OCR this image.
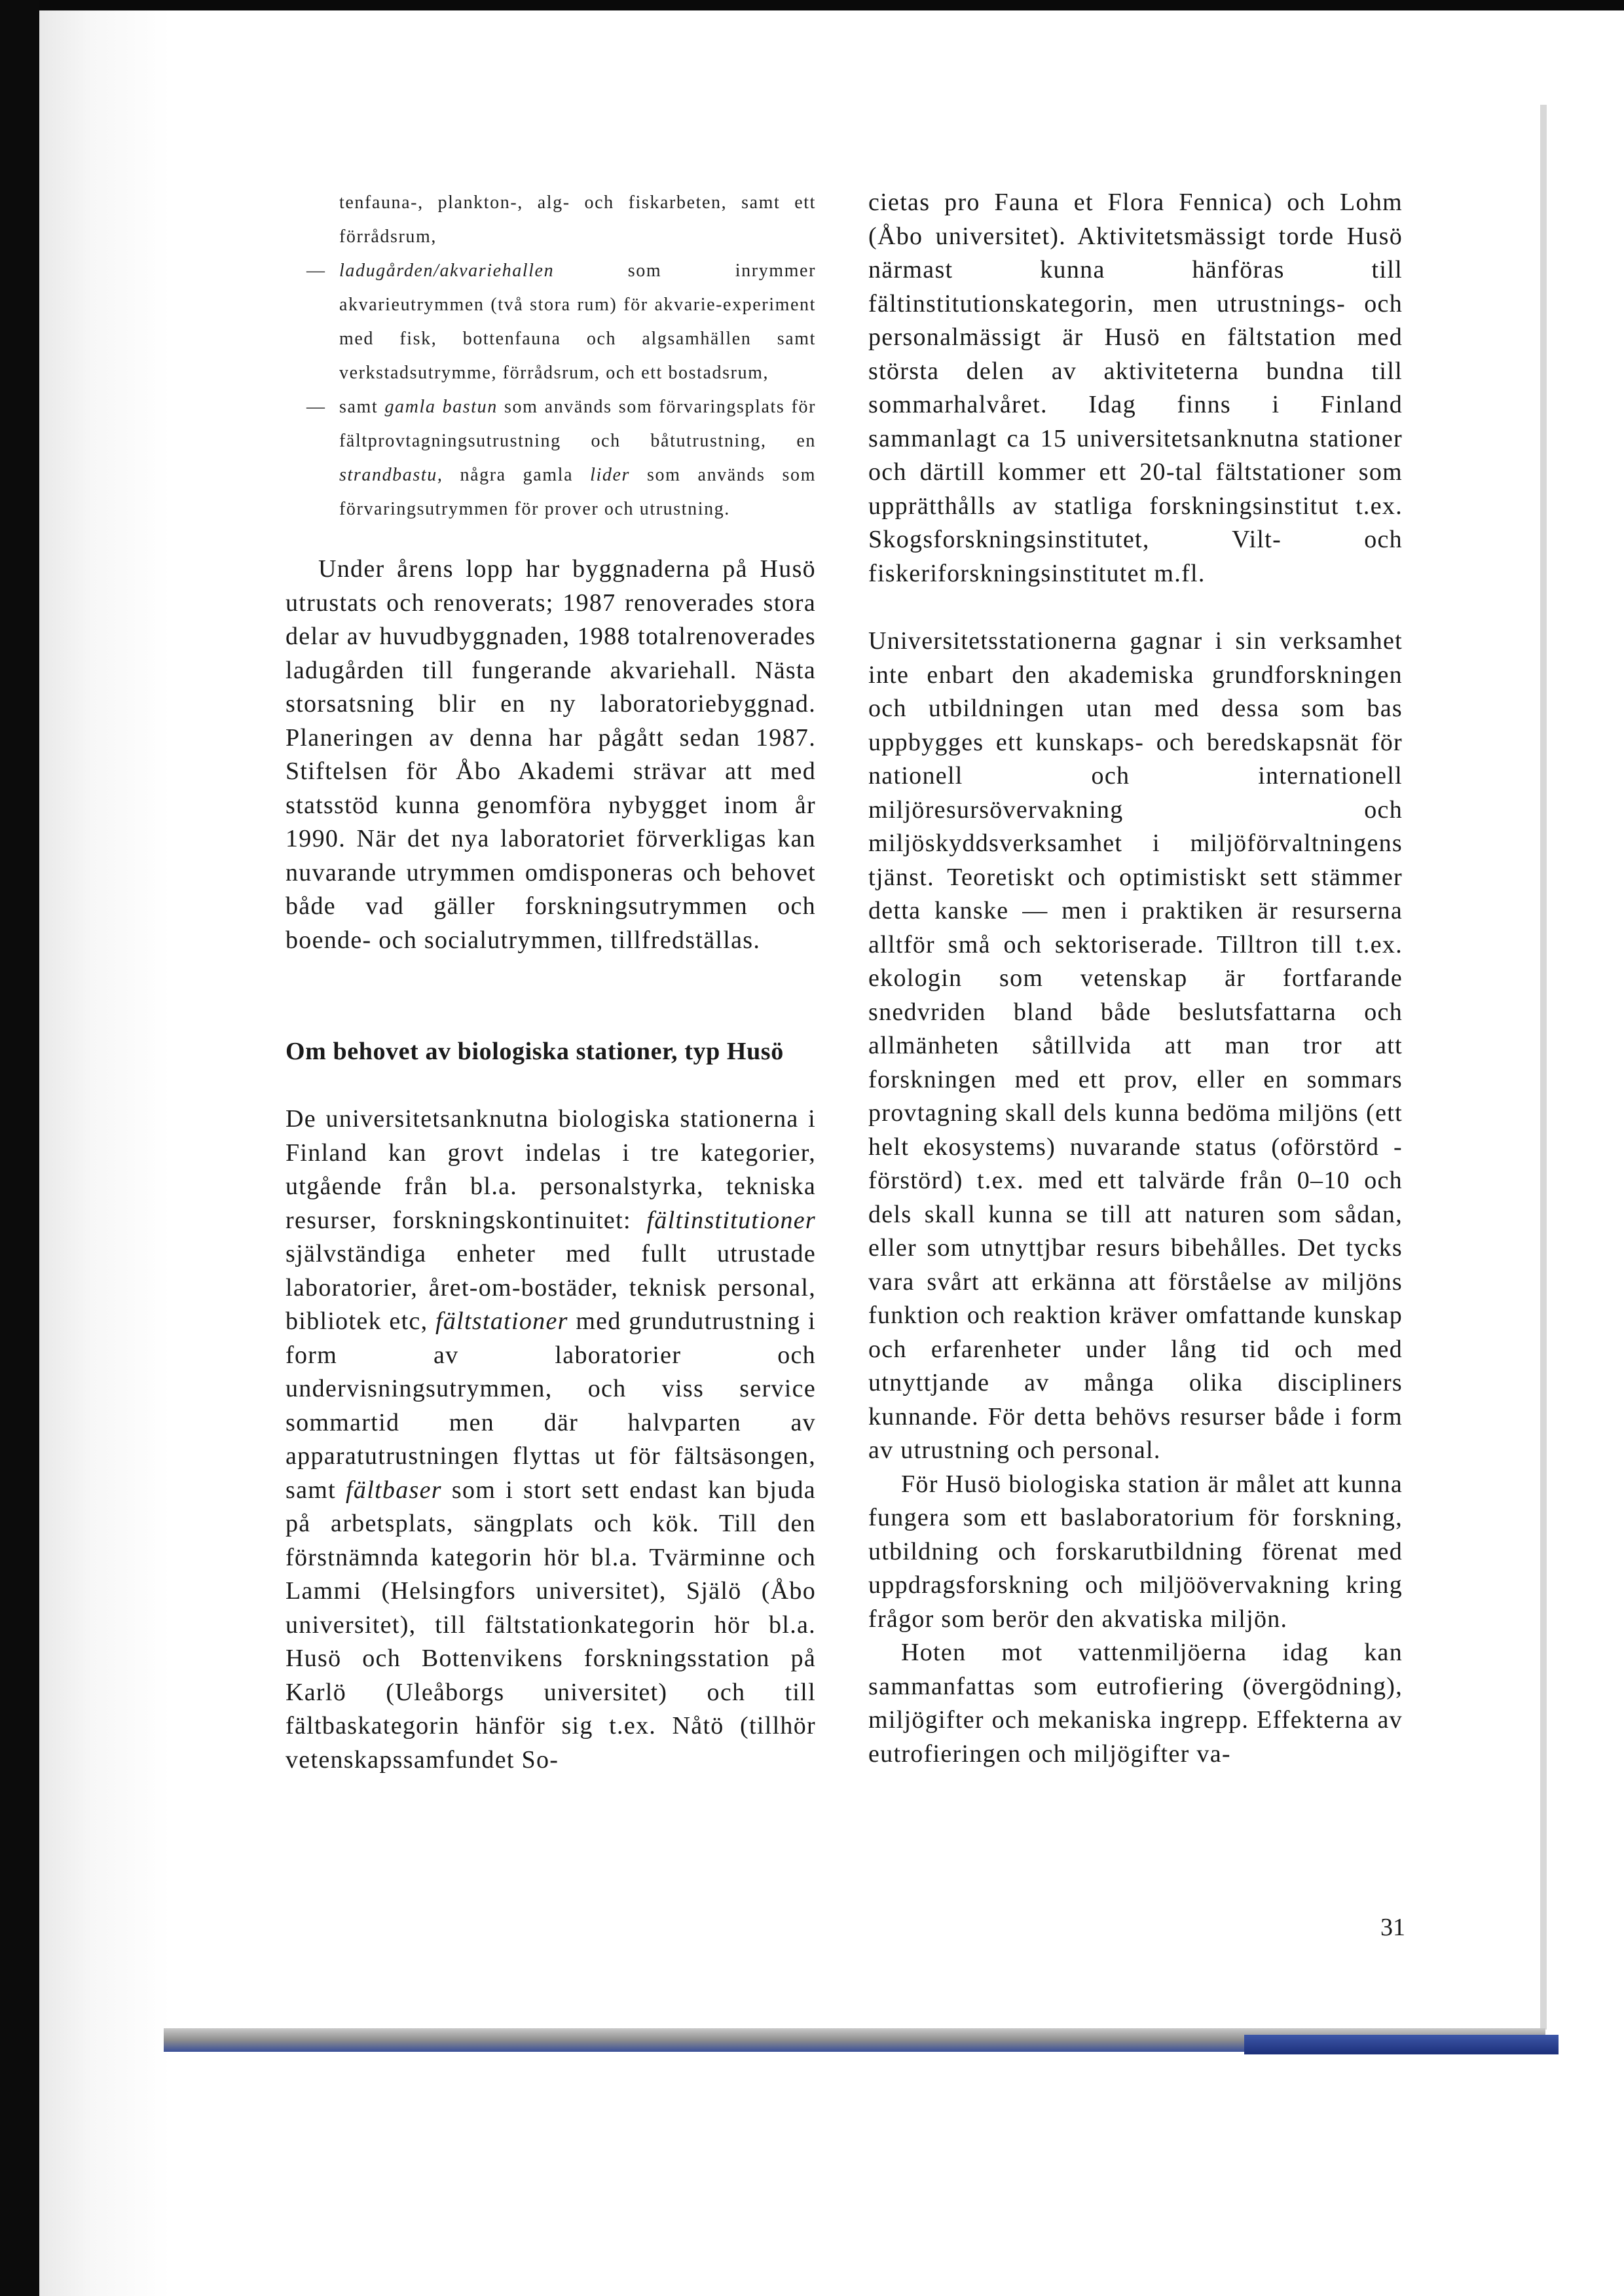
tenfauna-, plankton-, alg- och fiskarbeten, samt ett förrådsrum,
— ladugården/akvariehallen som inrymmer akvarieutrymmen (två stora rum) för akvarie-experiment med fisk, bottenfauna och algsamhällen samt verkstadsutrymme, förrådsrum, och ett bostadsrum,
— samt gamla bastun som används som förvaringsplats för fältprovtagningsutrustning och båtutrustning, en strandbastu, några gamla lider som används som förvaringsutrymmen för prover och utrustning.

Under årens lopp har byggnaderna på Husö utrustats och renoverats; 1987 renoverades stora delar av huvudbyggnaden, 1988 totalrenoverades ladugården till fungerande akvariehall. Nästa storsatsning blir en ny laboratoriebyggnad. Planeringen av denna har pågått sedan 1987. Stiftelsen för Åbo Akademi strävar att med statsstöd kunna genomföra nybygget inom år 1990. När det nya laboratoriet förverkligas kan nuvarande utrymmen omdisponeras och behovet både vad gäller forskningsutrymmen och boende- och socialutrymmen, tillfredställas.

Om behovet av biologiska stationer, typ Husö

De universitetsanknutna biologiska stationerna i Finland kan grovt indelas i tre kategorier, utgående från bl.a. personalstyrka, tekniska resurser, forskningskontinuitet: fältinstitutioner självständiga enheter med fullt utrustade laboratorier, året-om-bostäder, teknisk personal, bibliotek etc, fältstationer med grundutrustning i form av laboratorier och undervisningsutrymmen, och viss service sommartid men där halvparten av apparatutrustningen flyttas ut för fältsäsongen, samt fältbaser som i stort sett endast kan bjuda på arbetsplats, sängplats och kök. Till den förstnämnda kategorin hör bl.a. Tvärminne och Lammi (Helsingfors universitet), Själö (Åbo universitet), till fältstationkategorin hör bl.a. Husö och Bottenvikens forskningsstation på Karlö (Uleåborgs universitet) och till fältbaskategorin hänför sig t.ex. Nåtö (tillhör vetenskapssamfundet So-

cietas pro Fauna et Flora Fennica) och Lohm (Åbo universitet). Aktivitetsmässigt torde Husö närmast kunna hänföras till fältinstitutionskategorin, men utrustnings- och personalmässigt är Husö en fältstation med största delen av aktiviteterna bundna till sommarhalvåret. Idag finns i Finland sammanlagt ca 15 universitetsanknutna stationer och därtill kommer ett 20-tal fältstationer som upprätthålls av statliga forskningsinstitut t.ex. Skogsforskningsinstitutet, Vilt- och fiskeriforskningsinstitutet m.fl.

Universitetsstationerna gagnar i sin verksamhet inte enbart den akademiska grundforskningen och utbildningen utan med dessa som bas uppbygges ett kunskaps- och beredskapsnät för nationell och internationell miljöresursövervakning och miljöskyddsverksamhet i miljöförvaltningens tjänst. Teoretiskt och optimistiskt sett stämmer detta kanske — men i praktiken är resurserna alltför små och sektoriserade. Tilltron till t.ex. ekologin som vetenskap är fortfarande snedvriden bland både beslutsfattarna och allmänheten såtillvida att man tror att forskningen med ett prov, eller en sommars provtagning skall dels kunna bedöma miljöns (ett helt ekosystems) nuvarande status (oförstörd -förstörd) t.ex. med ett talvärde från 0–10 och dels skall kunna se till att naturen som sådan, eller som utnyttjbar resurs bibehålles. Det tycks vara svårt att erkänna att förståelse av miljöns funktion och reaktion kräver omfattande kunskap och erfarenheter under lång tid och med utnyttjande av många olika discipliners kunnande. För detta behövs resurser både i form av utrustning och personal.

För Husö biologiska station är målet att kunna fungera som ett baslaboratorium för forskning, utbildning och forskarutbildning förenat med uppdragsforskning och miljöövervakning kring frågor som berör den akvatiska miljön.

Hoten mot vattenmiljöerna idag kan sammanfattas som eutrofiering (övergödning), miljögifter och mekaniska ingrepp. Effekterna av eutrofieringen och miljögifter va-

31
